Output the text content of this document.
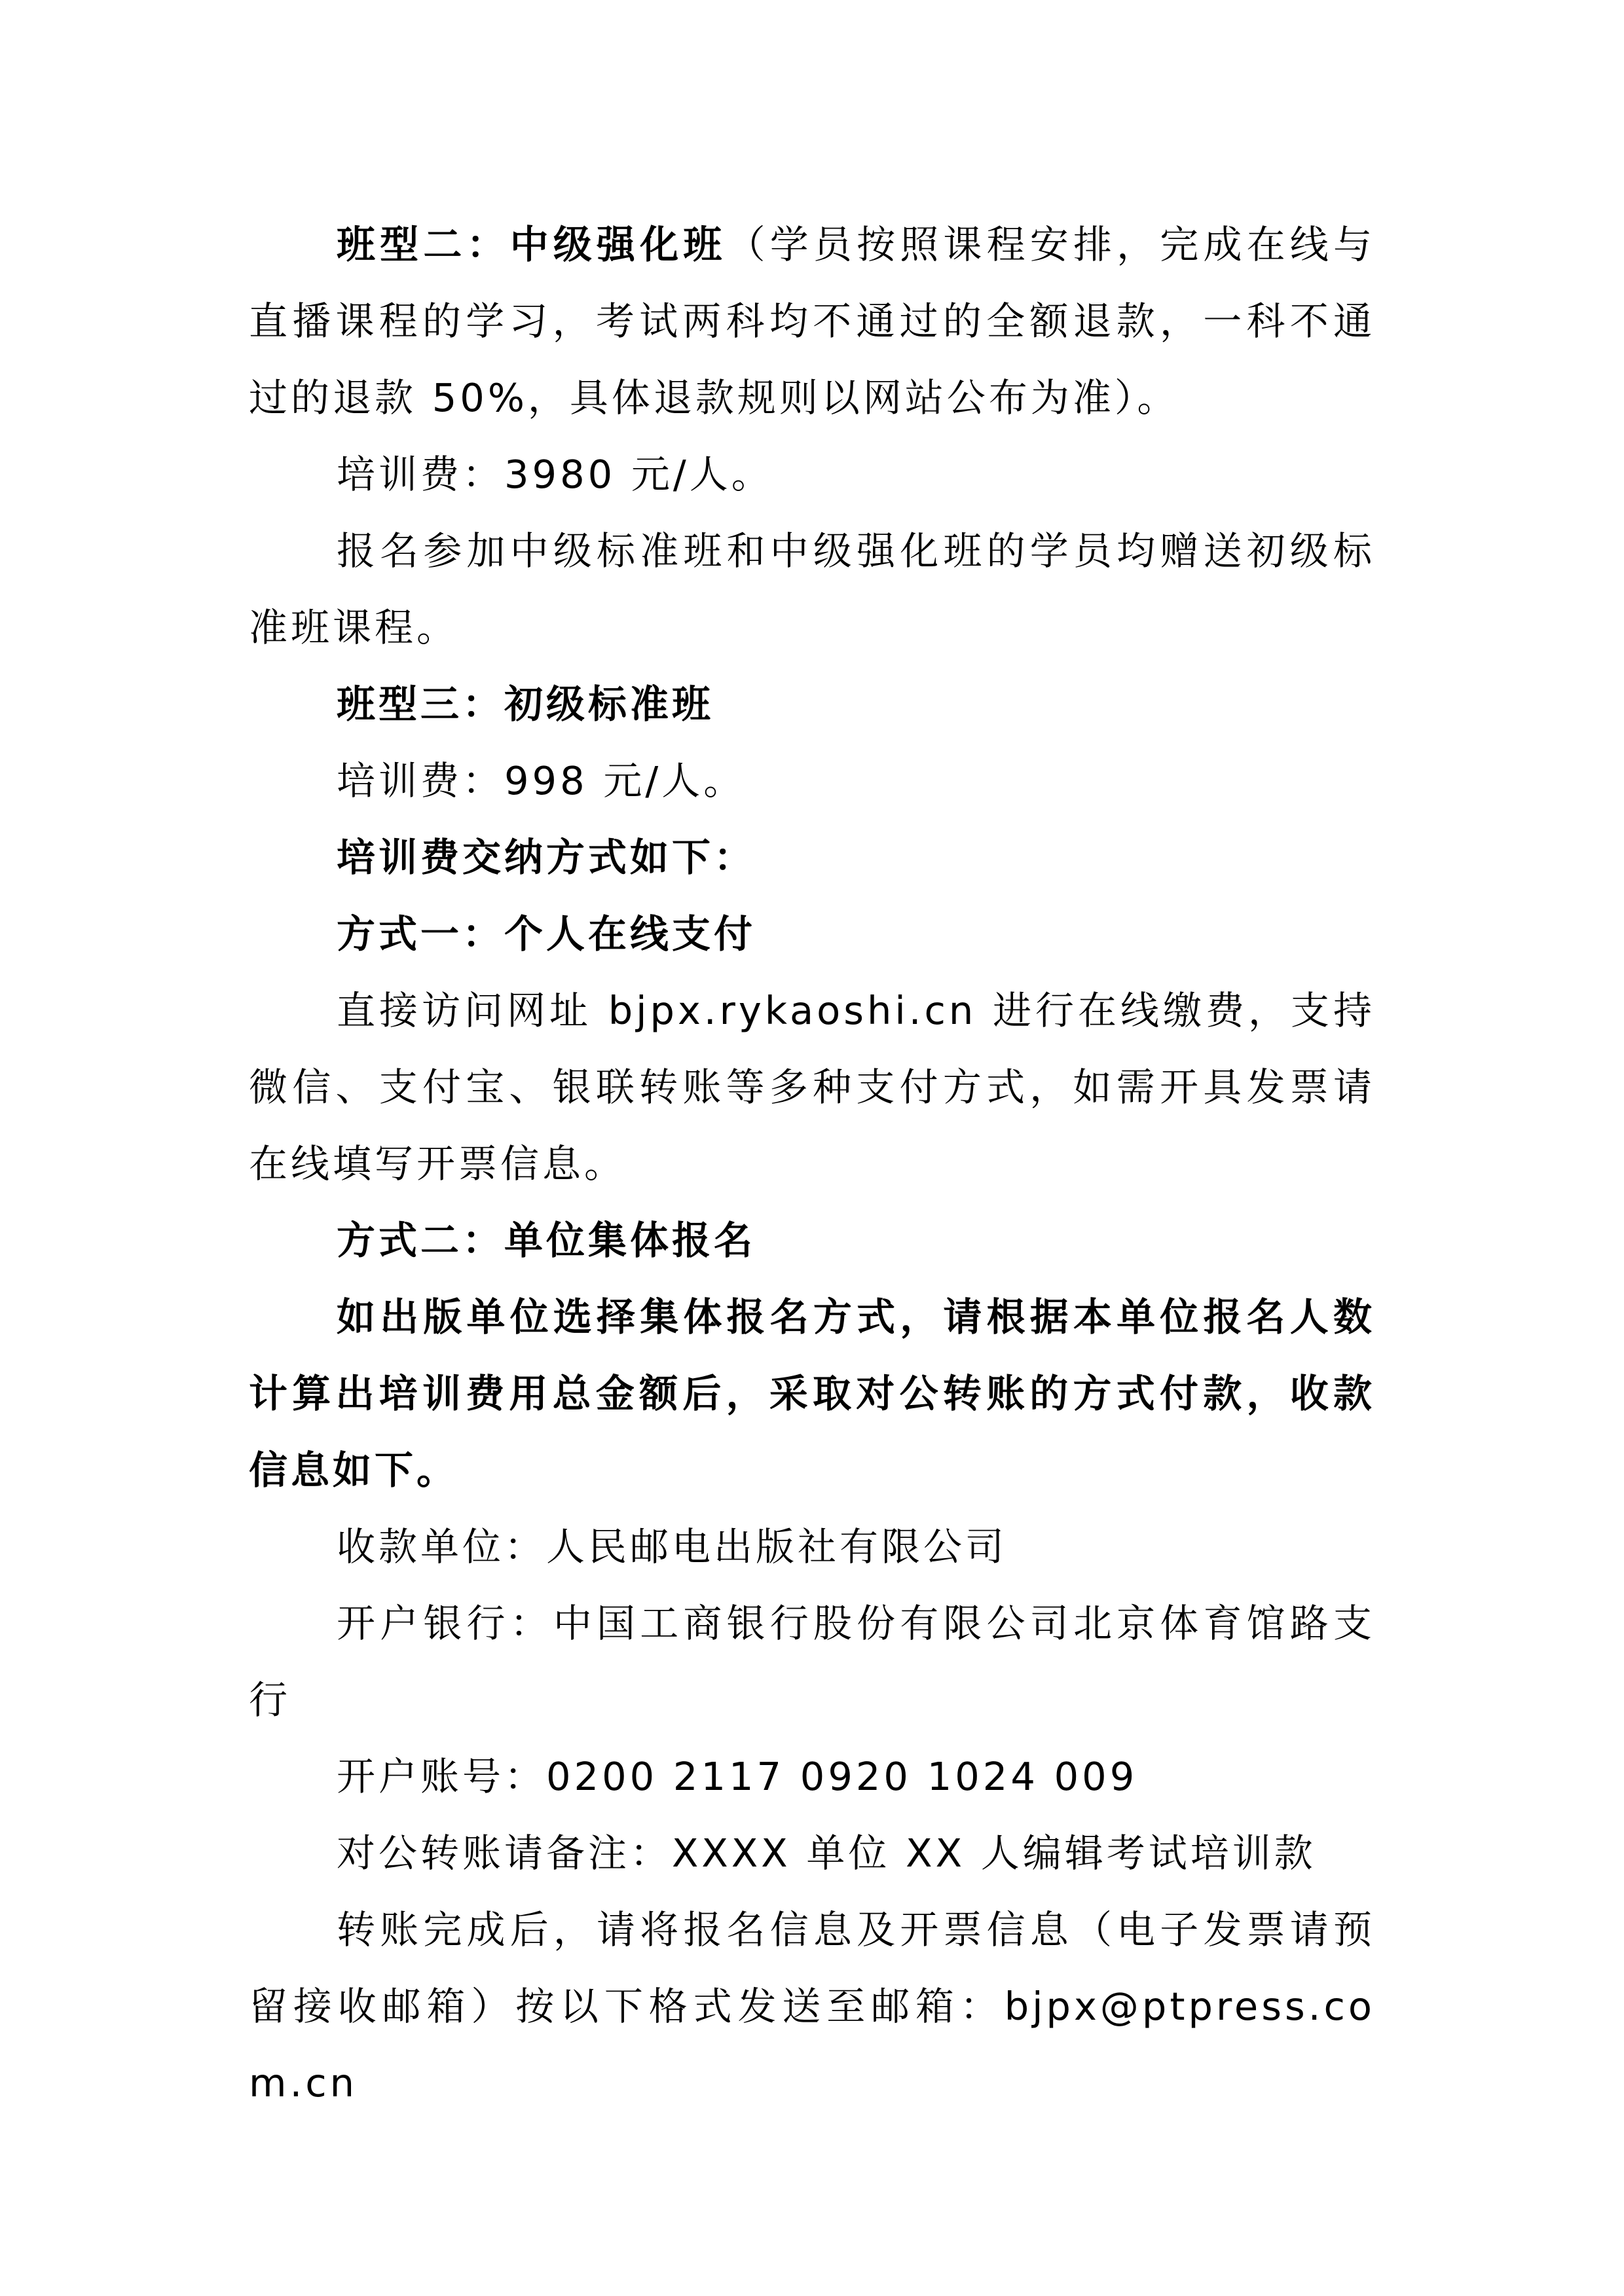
班型二：中级强化班（学员按照课程安排，完成在线与直播课程的学习，考试两科均不通过的全额退款，一科不通过的退款 50%，具体退款规则以网站公布为准）。

培训费：3980 元/人。

报名参加中级标准班和中级强化班的学员均赠送初级标准班课程。

班型三：初级标准班

培训费：998 元/人。

培训费交纳方式如下：

方式一：个人在线支付

直接访问网址 bjpx.rykaoshi.cn 进行在线缴费，支持微信、支付宝、银联转账等多种支付方式，如需开具发票请在线填写开票信息。

方式二：单位集体报名

如出版单位选择集体报名方式，请根据本单位报名人数计算出培训费用总金额后，采取对公转账的方式付款，收款信息如下。

收款单位：人民邮电出版社有限公司

开户银行：中国工商银行股份有限公司北京体育馆路支行

开户账号：0200 2117 0920 1024 009

对公转账请备注：XXXX 单位 XX 人编辑考试培训款

转账完成后，请将报名信息及开票信息（电子发票请预留接收邮箱）按以下格式发送至邮箱：bjpx@ptpress.com.cn
